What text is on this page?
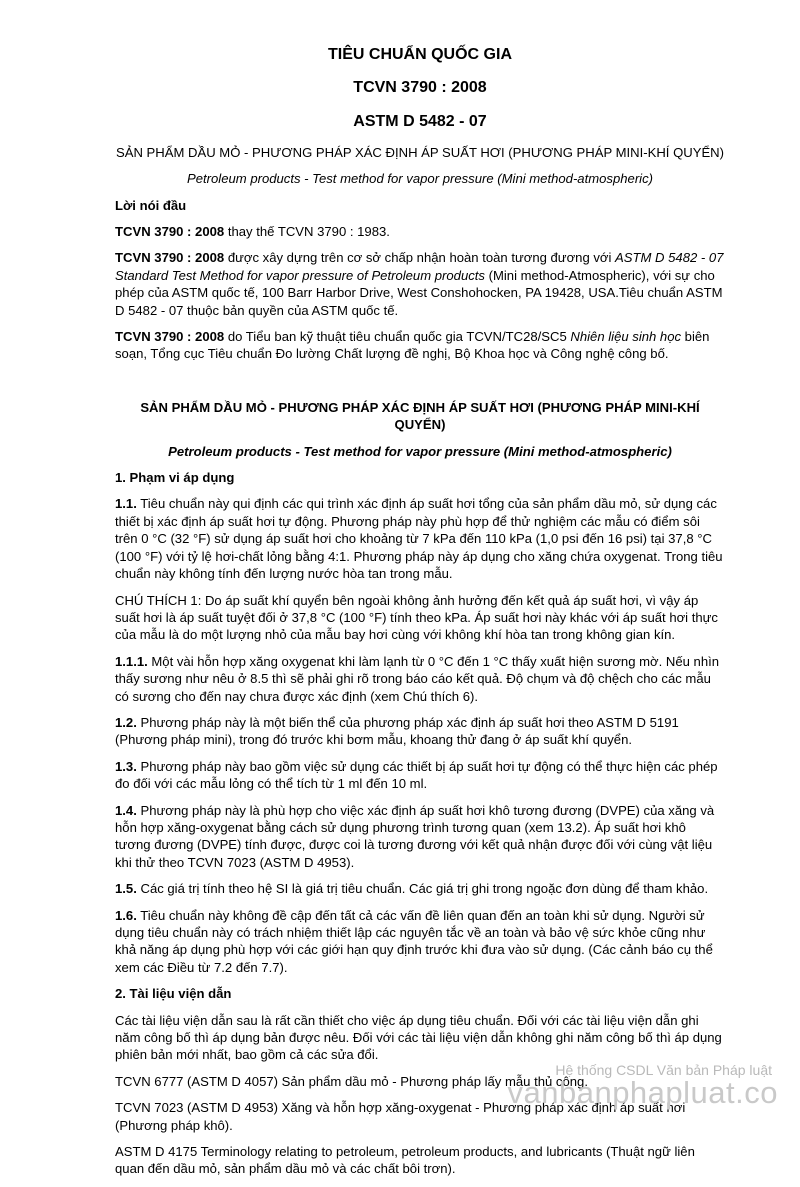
TIÊU CHUẨN QUỐC GIA
TCVN 3790 : 2008
ASTM D 5482 - 07
SẢN PHẨM DẦU MỎ - PHƯƠNG PHÁP XÁC ĐỊNH ÁP SUẤT HƠI (PHƯƠNG PHÁP MINI-KHÍ QUYỂN)
Petroleum products - Test method for vapor pressure (Mini method-atmospheric)

Lời nói đầu

TCVN 3790 : 2008 thay thế TCVN 3790 : 1983.

TCVN 3790 : 2008 được xây dựng trên cơ sở chấp nhận hoàn toàn tương đương với ASTM D 5482 - 07 Standard Test Method for vapor pressure of Petroleum products (Mini method-Atmospheric), với sự cho phép của ASTM quốc tế, 100 Barr Harbor Drive, West Conshohocken, PA 19428, USA.Tiêu chuẩn ASTM D 5482 - 07 thuộc bản quyền của ASTM quốc tế.

TCVN 3790 : 2008 do Tiểu ban kỹ thuật tiêu chuẩn quốc gia TCVN/TC28/SC5 Nhiên liệu sinh học biên soạn, Tổng cục Tiêu chuẩn Đo lường Chất lượng đề nghị, Bộ Khoa học và Công nghệ công bố.

SẢN PHẨM DẦU MỎ - PHƯƠNG PHÁP XÁC ĐỊNH ÁP SUẤT HƠI (PHƯƠNG PHÁP MINI-KHÍ QUYỂN)
Petroleum products - Test method for vapor pressure (Mini method-atmospheric)

1. Phạm vi áp dụng

1.1. Tiêu chuẩn này qui định các qui trình xác định áp suất hơi tổng của sản phẩm dầu mỏ, sử dụng các thiết bị xác định áp suất hơi tự động. Phương pháp này phù hợp để thử nghiệm các mẫu có điểm sôi trên 0 °C (32 °F) sử dụng áp suất hơi cho khoảng từ 7 kPa đến 110 kPa (1,0 psi đến 16 psi) tại 37,8 °C (100 °F) với tỷ lệ hơi-chất lỏng bằng 4:1. Phương pháp này áp dụng cho xăng chứa oxygenat. Trong tiêu chuẩn này không tính đến lượng nước hòa tan trong mẫu.

CHÚ THÍCH 1: Do áp suất khí quyển bên ngoài không ảnh hưởng đến kết quả áp suất hơi, vì vậy áp suất hơi là áp suất tuyệt đối ở 37,8 °C (100 °F) tính theo kPa. Áp suất hơi này khác với áp suất hơi thực của mẫu là do một lượng nhỏ của mẫu bay hơi cùng với không khí hòa tan trong không gian kín.

1.1.1. Một vài hỗn hợp xăng oxygenat khi làm lạnh từ 0 °C đến 1 °C thấy xuất hiện sương mờ. Nếu nhìn thấy sương như nêu ở 8.5 thì sẽ phải ghi rõ trong báo cáo kết quả. Độ chụm và độ chệch cho các mẫu có sương cho đến nay chưa được xác định (xem Chú thích 6).

1.2. Phương pháp này là một biến thể của phương pháp xác định áp suất hơi theo ASTM D 5191 (Phương pháp mini), trong đó trước khi bơm mẫu, khoang thử đang ở áp suất khí quyển.

1.3. Phương pháp này bao gồm việc sử dụng các thiết bị áp suất hơi tự động có thể thực hiện các phép đo đối với các mẫu lỏng có thể tích từ 1 ml đến 10 ml.

1.4. Phương pháp này là phù hợp cho việc xác định áp suất hơi khô tương đương (DVPE) của xăng và hỗn hợp xăng-oxygenat bằng cách sử dụng phương trình tương quan (xem 13.2). Áp suất hơi khô tương đương (DVPE) tính được, được coi là tương đương với kết quả nhận được đối với cùng vật liệu khi thử theo TCVN 7023 (ASTM D 4953).

1.5. Các giá trị tính theo hệ SI là giá trị tiêu chuẩn. Các giá trị ghi trong ngoặc đơn dùng để tham khảo.

1.6. Tiêu chuẩn này không đề cập đến tất cả các vấn đề liên quan đến an toàn khi sử dụng. Người sử dụng tiêu chuẩn này có trách nhiệm thiết lập các nguyên tắc về an toàn và bảo vệ sức khỏe cũng như khả năng áp dụng phù hợp với các giới hạn quy định trước khi đưa vào sử dụng. (Các cảnh báo cụ thể xem các Điều từ 7.2 đến 7.7).

2. Tài liệu viện dẫn

Các tài liệu viện dẫn sau là rất cần thiết cho việc áp dụng tiêu chuẩn. Đối với các tài liệu viện dẫn ghi năm công bố thì áp dụng bản được nêu. Đối với các tài liệu viện dẫn không ghi năm công bố thì áp dụng phiên bản mới nhất, bao gồm cả các sửa đổi.

TCVN 6777 (ASTM D 4057) Sản phẩm dầu mỏ - Phương pháp lấy mẫu thủ công.

TCVN 7023 (ASTM D 4953) Xăng và hỗn hợp xăng-oxygenat - Phương pháp xác định áp suất hơi (Phương pháp khô).

ASTM D 4175 Terminology relating to petroleum, petroleum products, and lubricants (Thuật ngữ liên quan đến dầu mỏ, sản phẩm dầu mỏ và các chất bôi trơn).

Hệ thống CSDL Văn bản Pháp luật
vanbanphapluat.co
